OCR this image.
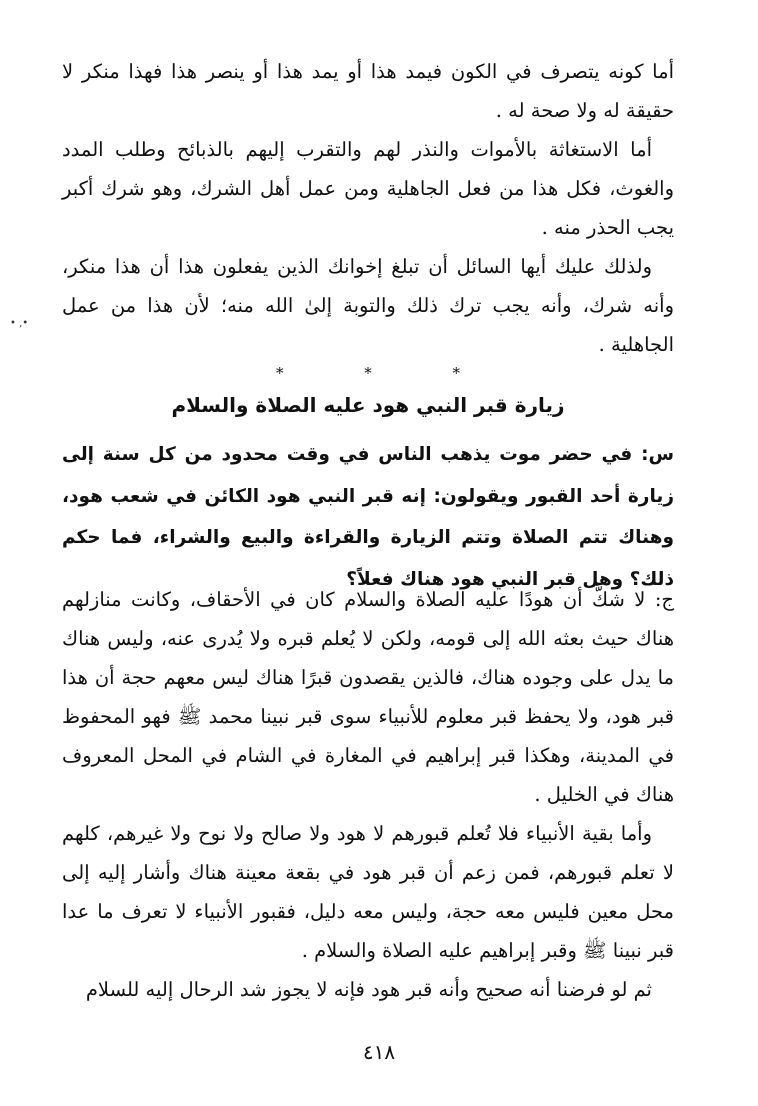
• ‚•

أما كونه يتصرف في الكون فيمد هذا أو يمد هذا أو ينصر هذا فهذا منكر لا حقيقة له ولا صحة له .

أما الاستغاثة بالأموات والنذر لهم والتقرب إليهم بالذبائح وطلب المدد والغوث، فكل هذا من فعل الجاهلية ومن عمل أهل الشرك، وهو شرك أكبر يجب الحذر منه .

ولذلك عليك أيها السائل أن تبلغ إخوانك الذين يفعلون هذا أن هذا منكر، وأنه شرك، وأنه يجب ترك ذلك والتوبة إلىٰ الله منه؛ لأن هذا من عمل الجاهلية .

* * *
زيارة قبر النبي هود عليه الصلاة والسلام

س: في حضر موت يذهب الناس في وقت محدود من كل سنة إلى زيارة أحد القبور ويقولون: إنه قبر النبي هود الكائن في شعب هود، وهناك تتم الصلاة وتتم الزيارة والقراءة والبيع والشراء، فما حكم ذلك؟ وهل قبر النبي هود هناك فعلاً؟

ج: لا شكَّ أن هودًا عليه الصلاة والسلام كان في الأحقاف، وكانت منازلهم هناك حيث بعثه الله إلى قومه، ولكن لا يُعلم قبره ولا يُدرى عنه، وليس هناك ما يدل على وجوده هناك، فالذين يقصدون قبرًا هناك ليس معهم حجة أن هذا قبر هود، ولا يحفظ قبر معلوم للأنبياء سوى قبر نبينا محمد ﷺ فهو المحفوظ في المدينة، وهكذا قبر إبراهيم في المغارة في الشام في المحل المعروف هناك في الخليل .

وأما بقية الأنبياء فلا تُعلم قبورهم لا هود ولا صالح ولا نوح ولا غيرهم، كلهم لا تعلم قبورهم، فمن زعم أن قبر هود في بقعة معينة هناك وأشار إليه إلى محل معين فليس معه حجة، وليس معه دليل، فقبور الأنبياء لا تعرف ما عدا قبر نبينا ﷺ وقبر إبراهيم عليه الصلاة والسلام .

ثم لو فرضنا أنه صحيح وأنه قبر هود فإنه لا يجوز شد الرحال إليه للسلام

٤١٨
